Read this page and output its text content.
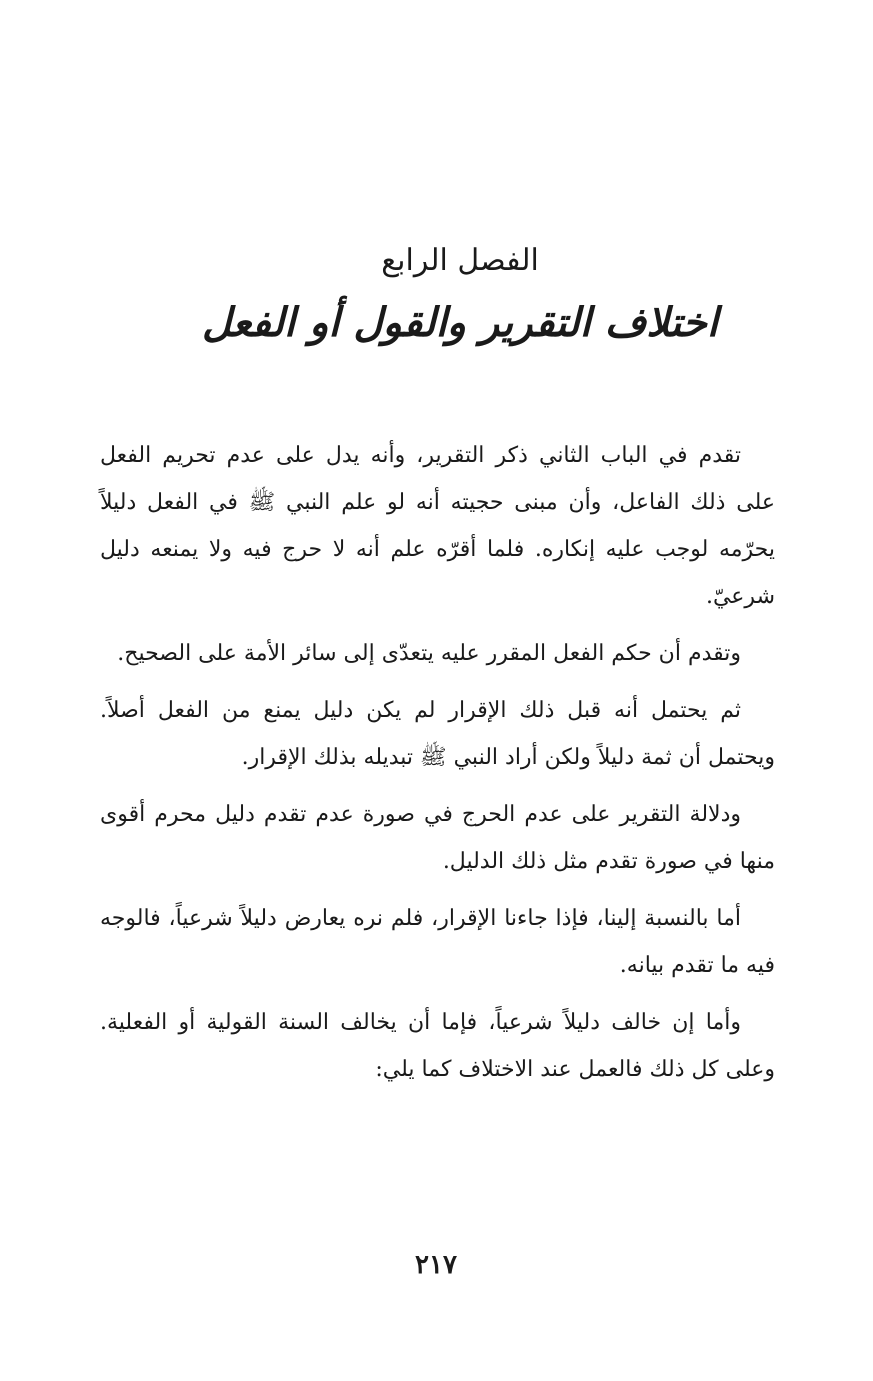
الفصل الرابع

اختلاف التقرير والقول أو الفعل

تقدم في الباب الثاني ذكر التقرير، وأنه يدل على عدم تحريم الفعل على ذلك الفاعل، وأن مبنى حجيته أنه لو علم النبي ﷺ في الفعل دليلاً يحرّمه لوجب عليه إنكاره. فلما أقرّه علم أنه لا حرج فيه ولا يمنعه دليل شرعيّ.

وتقدم أن حكم الفعل المقرر عليه يتعدّى إلى سائر الأمة على الصحيح.

ثم يحتمل أنه قبل ذلك الإقرار لم يكن دليل يمنع من الفعل أصلاً. ويحتمل أن ثمة دليلاً ولكن أراد النبي ﷺ تبديله بذلك الإقرار.

ودلالة التقرير على عدم الحرج في صورة عدم تقدم دليل محرم أقوى منها في صورة تقدم مثل ذلك الدليل.

أما بالنسبة إلينا، فإذا جاءنا الإقرار، فلم نره يعارض دليلاً شرعياً، فالوجه فيه ما تقدم بيانه.

وأما إن خالف دليلاً شرعياً، فإما أن يخالف السنة القولية أو الفعلية. وعلى كل ذلك فالعمل عند الاختلاف كما يلي:

٢١٧
